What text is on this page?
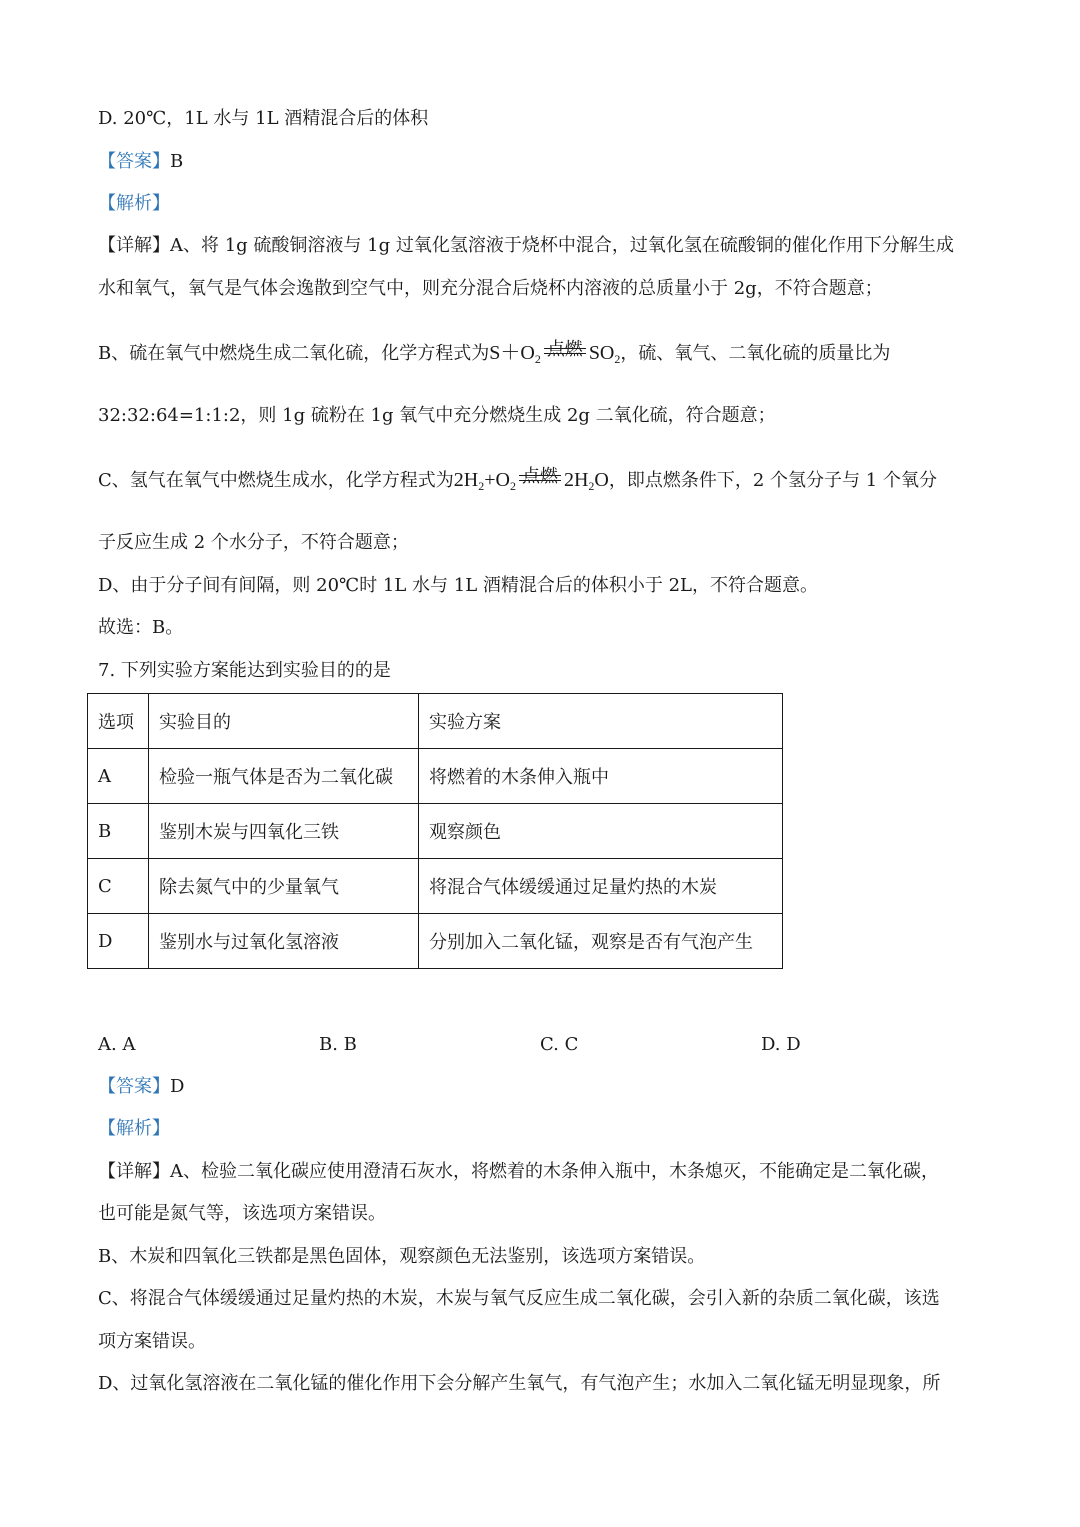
D. 20℃，1L 水与 1L 酒精混合后的体积
【答案】B
【解析】
【详解】A、将 1g 硫酸铜溶液与 1g 过氧化氢溶液于烧杯中混合，过氧化氢在硫酸铜的催化作用下分解生成
水和氧气，氧气是气体会逸散到空气中，则充分混合后烧杯内溶液的总质量小于 2g，不符合题意；
B、硫在氧气中燃烧生成二氧化硫，化学方程式为$S+O_2$ 点燃 $SO_2$，硫、氧气、二氧化硫的质量比为
32:32:64=1:1:2，则 1g 硫粉在 1g 氧气中充分燃烧生成 2g 二氧化硫，符合题意；
C、氢气在氧气中燃烧生成水，化学方程式为$2H_2+O_2$ 点燃 $2H_2O$，即点燃条件下，2 个氢分子与 1 个氧分
子反应生成 2 个水分子，不符合题意；
D、由于分子间有间隔，则 20℃时 1L 水与 1L 酒精混合后的体积小于 2L，不符合题意。
故选：B。
7. 下列实验方案能达到实验目的的是
选项	实验目的	实验方案
A	检验一瓶气体是否为二氧化碳	将燃着的木条伸入瓶中
B	鉴别木炭与四氧化三铁	观察颜色
C	除去氮气中的少量氧气	将混合气体缓缓通过足量灼热的木炭
D	鉴别水与过氧化氢溶液	分别加入二氧化锰，观察是否有气泡产生
A. A	B. B	C. C	D. D
【答案】D
【解析】
【详解】A、检验二氧化碳应使用澄清石灰水，将燃着的木条伸入瓶中，木条熄灭，不能确定是二氧化碳，
也可能是氮气等，该选项方案错误。
B、木炭和四氧化三铁都是黑色固体，观察颜色无法鉴别，该选项方案错误。
C、将混合气体缓缓通过足量灼热的木炭，木炭与氧气反应生成二氧化碳，会引入新的杂质二氧化碳，该选
项方案错误。
D、过氧化氢溶液在二氧化锰的催化作用下会分解产生氧气，有气泡产生；水加入二氧化锰无明显现象，所
